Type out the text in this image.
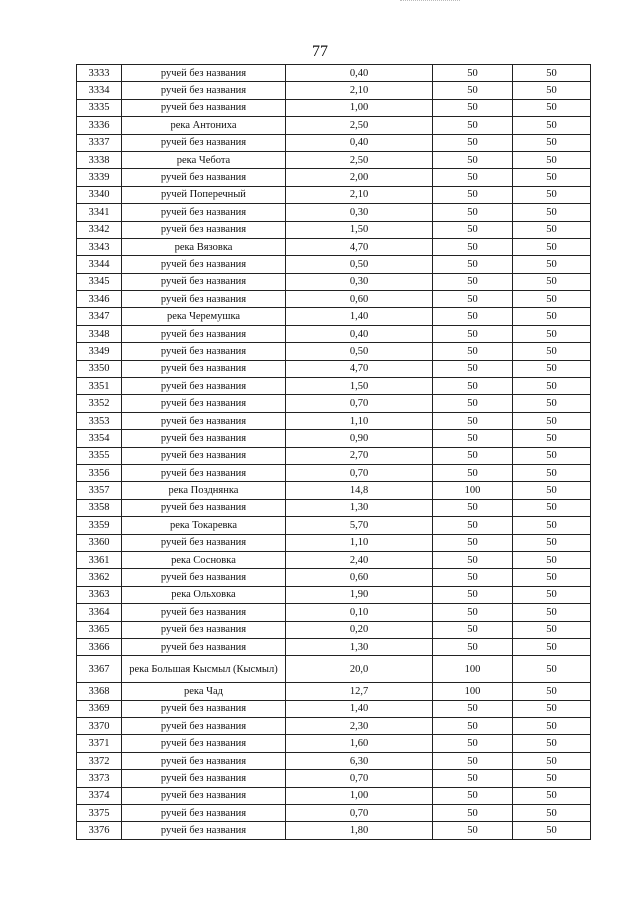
77
3333	ручей без названия	0,40	50	50
3334	ручей без названия	2,10	50	50
3335	ручей без названия	1,00	50	50
3336	река Антониха	2,50	50	50
3337	ручей без названия	0,40	50	50
3338	река Чебота	2,50	50	50
3339	ручей без названия	2,00	50	50
3340	ручей Поперечный	2,10	50	50
3341	ручей без названия	0,30	50	50
3342	ручей без названия	1,50	50	50
3343	река Вязовка	4,70	50	50
3344	ручей без названия	0,50	50	50
3345	ручей без названия	0,30	50	50
3346	ручей без названия	0,60	50	50
3347	река Черемушка	1,40	50	50
3348	ручей без названия	0,40	50	50
3349	ручей без названия	0,50	50	50
3350	ручей без названия	4,70	50	50
3351	ручей без названия	1,50	50	50
3352	ручей без названия	0,70	50	50
3353	ручей без названия	1,10	50	50
3354	ручей без названия	0,90	50	50
3355	ручей без названия	2,70	50	50
3356	ручей без названия	0,70	50	50
3357	река Позднянка	14,8	100	50
3358	ручей без названия	1,30	50	50
3359	река Токаревка	5,70	50	50
3360	ручей без названия	1,10	50	50
3361	река Сосновка	2,40	50	50
3362	ручей без названия	0,60	50	50
3363	река Ольховка	1,90	50	50
3364	ручей без названия	0,10	50	50
3365	ручей без названия	0,20	50	50
3366	ручей без названия	1,30	50	50
3367	река Большая Кысмыл (Кысмыл)	20,0	100	50
3368	река Чад	12,7	100	50
3369	ручей без названия	1,40	50	50
3370	ручей без названия	2,30	50	50
3371	ручей без названия	1,60	50	50
3372	ручей без названия	6,30	50	50
3373	ручей без названия	0,70	50	50
3374	ручей без названия	1,00	50	50
3375	ручей без названия	0,70	50	50
3376	ручей без названия	1,80	50	50
